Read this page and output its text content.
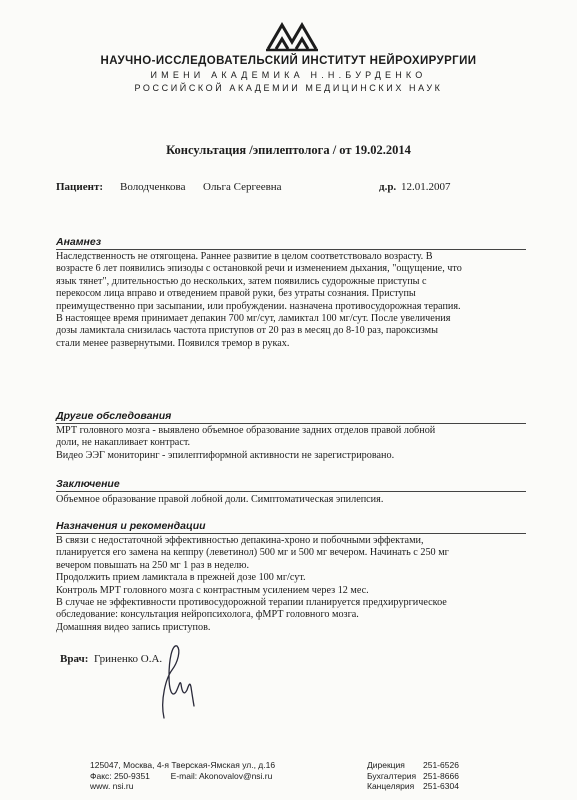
НАУЧНО-ИССЛЕДОВАТЕЛЬСКИЙ ИНСТИТУТ НЕЙРОХИРУРГИИ
ИМЕНИ АКАДЕМИКА Н.Н.БУРДЕНКО
РОССИЙСКОЙ АКАДЕМИИ МЕДИЦИНСКИХ НАУК
Консультация /эпилептолога / от 19.02.2014
Пациент: Володченкова Ольга Сергеевна	д.р. 12.01.2007
Анамнез

Наследственность не отягощена. Раннее развитие в целом соответствовало возрасту. В

возрасте 6 лет появились эпизоды с остановкой речи и изменением дыхания, "ощущение, что

язык тянет", длительностью до нескольких, затем появились судорожные приступы с

перекосом лица вправо и отведением правой руки, без утраты сознания. Приступы

преимущественно при засыпании, или пробуждении. назначена противосудорожная терапия.

В настоящее время принимает депакин 700 мг/сут, ламиктал 100 мг/сут. После увеличения

дозы ламиктала снизилась частота приступов от 20 раз в месяц до 8-10 раз, пароксизмы

стали менее развернутыми. Появился тремор в руках.

Другие обследования

МРТ головного мозга - выявлено объемное образование задних отделов правой лобной

доли, не накапливает контраст.

Видео ЭЭГ мониторинг - эпилептиформной активности не зарегистрировано.

Заключение

Объемное образование правой лобной доли. Симптоматическая эпилепсия.

Назначения и рекомендации

В связи с недостаточной эффективностью депакина-хроно и побочными эффектами,

планируется его замена на кеппру (леветинол) 500 мг и 500 мг вечером. Начинать с 250 мг

вечером повышать на 250 мг 1 раз в неделю.

Продолжить прием ламиктала в прежней дозе 100 мг/сут.

Контроль МРТ головного мозга с контрастным усилением через 12 мес.

В случае не эффективности противосудорожной терапии планируется предхирургическое

обследование: консультация нейропсихолога, фМРТ головного мозга.

Домашняя видео запись приступов.

Врач: Гриненко О.А.

125047, Москва, 4-я Тверская-Ямская ул., д.16

Факс: 250-9351 E-mail: Akonovalov@nsi.ru

www. nsi.ru

Дирекция

Бухгалтерия

Канцелярия

251-6526

251-8666

251-6304
